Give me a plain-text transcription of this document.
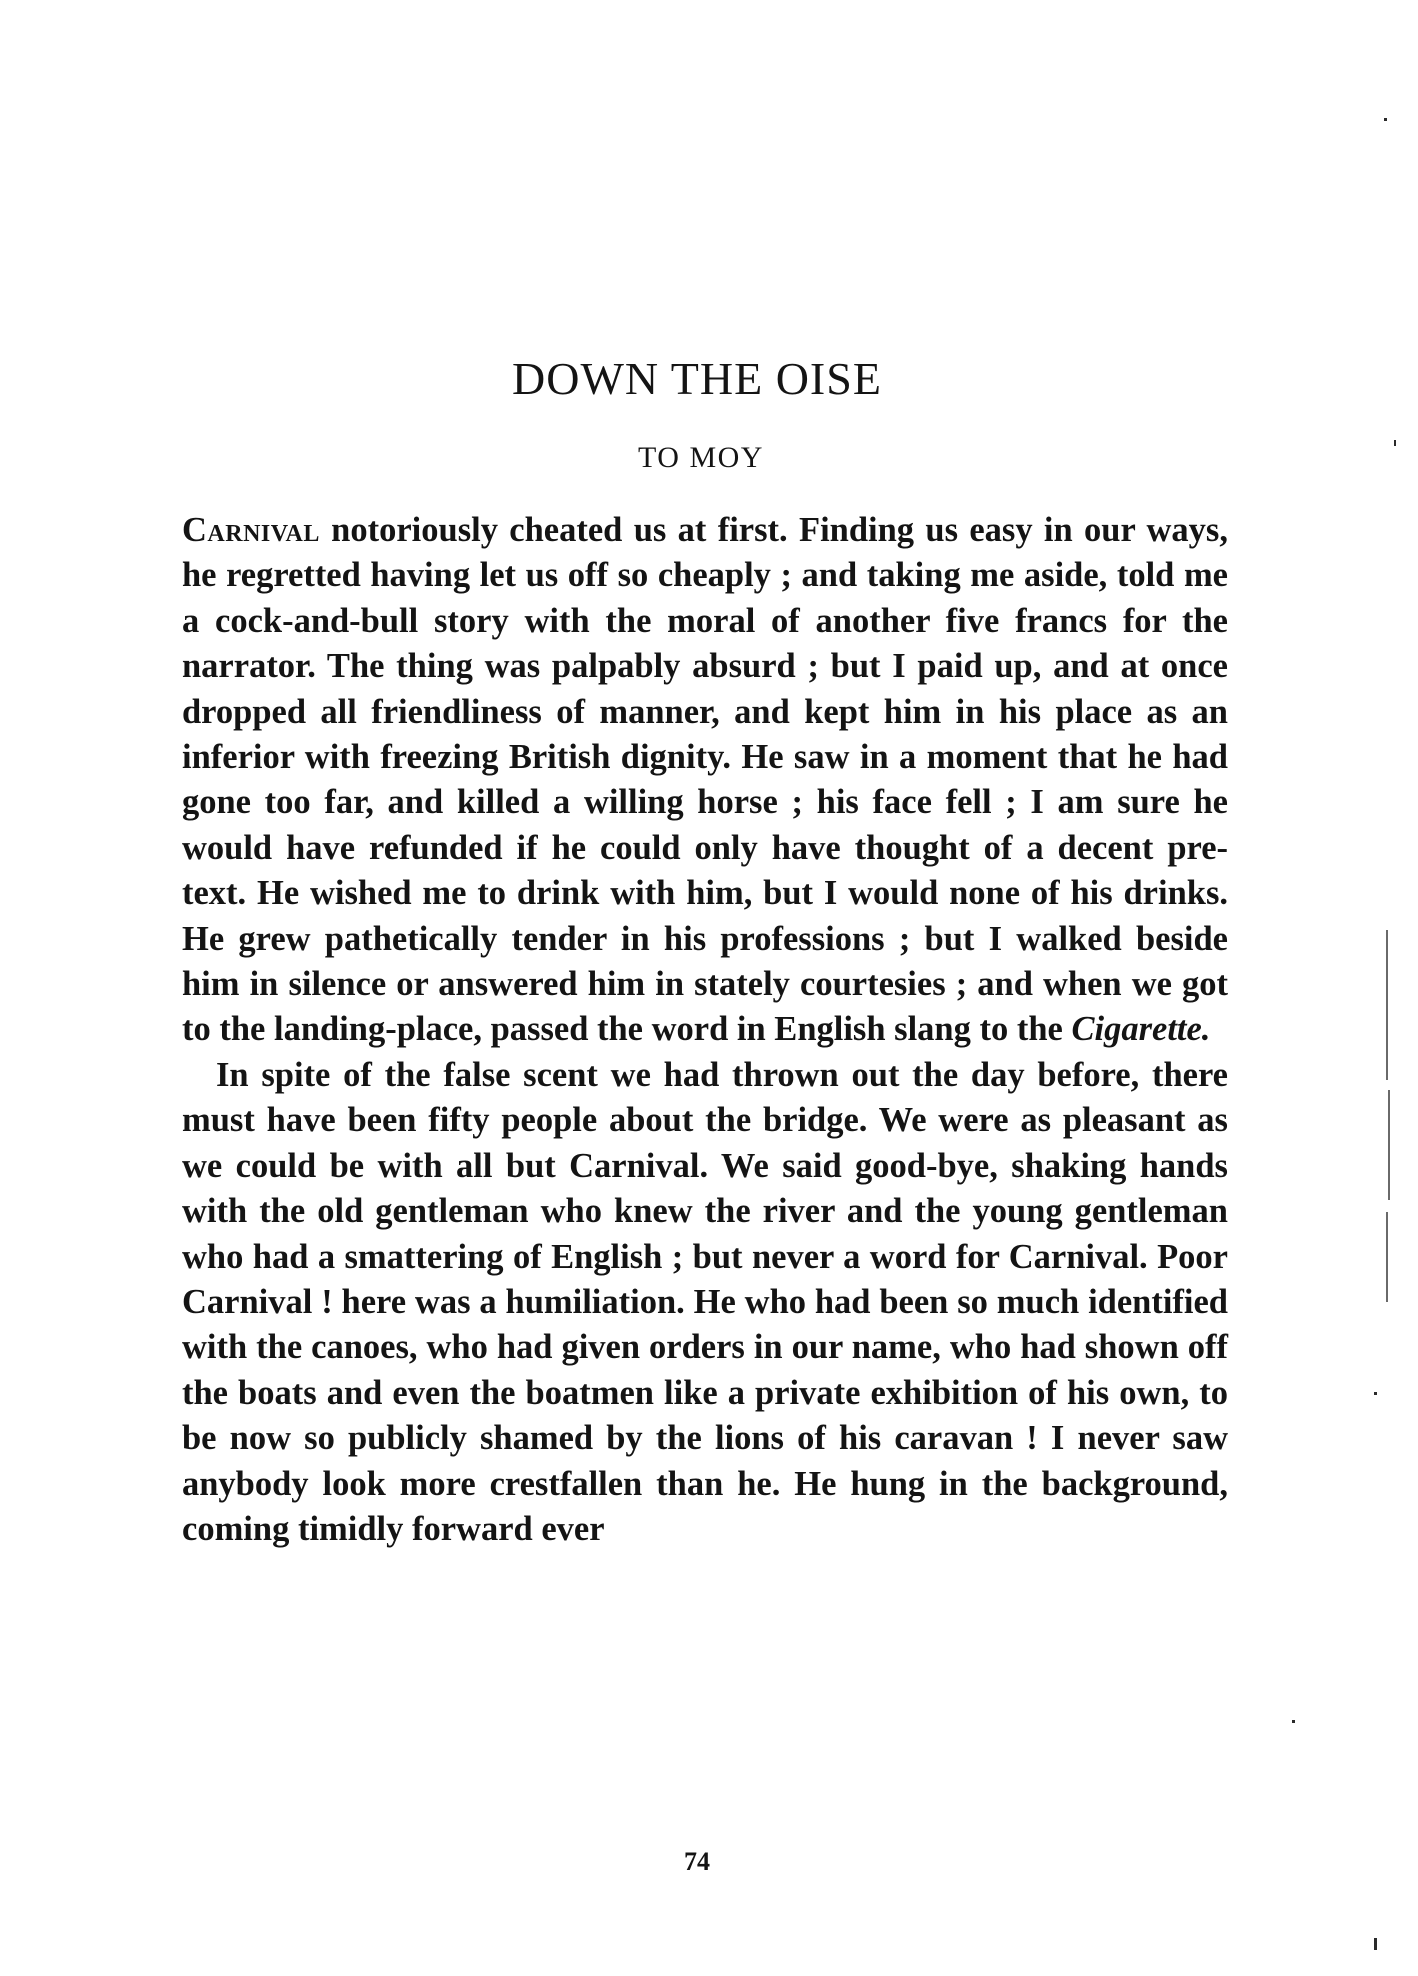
DOWN THE OISE
TO MOY

Carnival notoriously cheated us at first. Finding us easy in our ways, he regretted having let us off so cheaply ; and taking me aside, told me a cock-and-bull story with the moral of another five francs for the narrator. The thing was palpably absurd ; but I paid up, and at once dropped all friendliness of manner, and kept him in his place as an inferior with freezing British dignity. He saw in a moment that he had gone too far, and killed a willing horse ; his face fell ; I am sure he would have refunded if he could only have thought of a decent pre-text. He wished me to drink with him, but I would none of his drinks. He grew pathetically tender in his professions ; but I walked beside him in silence or answered him in stately courtesies ; and when we got to the landing-place, passed the word in English slang to the Cigarette.

In spite of the false scent we had thrown out the day before, there must have been fifty people about the bridge. We were as pleasant as we could be with all but Carnival. We said good-bye, shaking hands with the old gentleman who knew the river and the young gentleman who had a smattering of English ; but never a word for Carnival. Poor Carnival ! here was a humiliation. He who had been so much identified with the canoes, who had given orders in our name, who had shown off the boats and even the boatmen like a private exhibition of his own, to be now so publicly shamed by the lions of his caravan ! I never saw anybody look more crestfallen than he. He hung in the background, coming timidly forward ever

74
